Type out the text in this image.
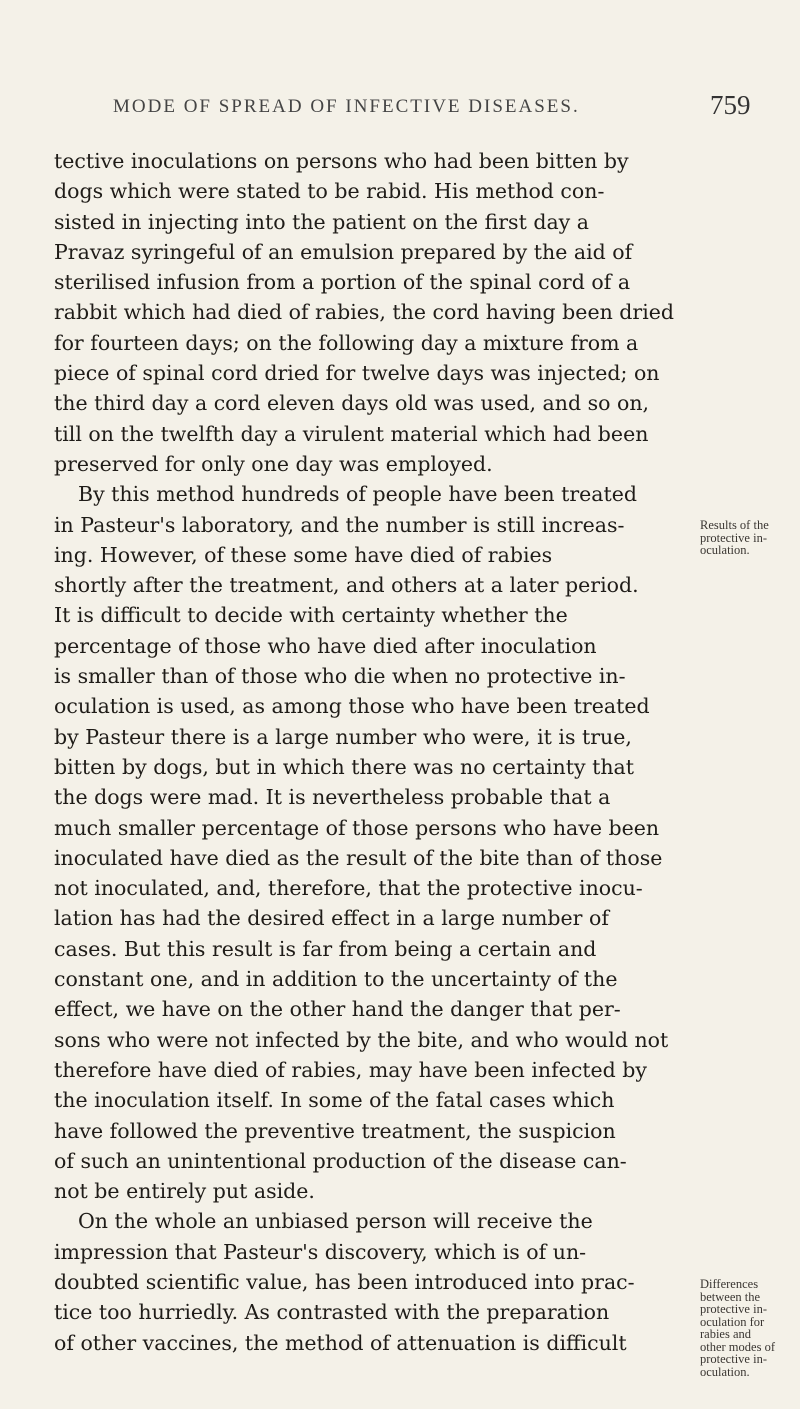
MODE OF SPREAD OF INFECTIVE DISEASES.	759
tective inoculations on persons who had been bitten by
dogs which were stated to be rabid. His method con-
sisted in injecting into the patient on the first day a
Pravaz syringeful of an emulsion prepared by the aid of
sterilised infusion from a portion of the spinal cord of a
rabbit which had died of rabies, the cord having been dried
for fourteen days; on the following day a mixture from a
piece of spinal cord dried for twelve days was injected; on
the third day a cord eleven days old was used, and so on,
till on the twelfth day a virulent material which had been
preserved for only one day was employed.
By this method hundreds of people have been treated
in Pasteur's laboratory, and the number is still increas-
ing. However, of these some have died of rabies
shortly after the treatment, and others at a later period.
It is difficult to decide with certainty whether the
percentage of those who have died after inoculation
is smaller than of those who die when no protective in-
oculation is used, as among those who have been treated
by Pasteur there is a large number who were, it is true,
bitten by dogs, but in which there was no certainty that
the dogs were mad. It is nevertheless probable that a
much smaller percentage of those persons who have been
inoculated have died as the result of the bite than of those
not inoculated, and, therefore, that the protective inocu-
lation has had the desired effect in a large number of
cases. But this result is far from being a certain and
constant one, and in addition to the uncertainty of the
effect, we have on the other hand the danger that per-
sons who were not infected by the bite, and who would not
therefore have died of rabies, may have been infected by
the inoculation itself. In some of the fatal cases which
have followed the preventive treatment, the suspicion
of such an unintentional production of the disease can-
not be entirely put aside.
On the whole an unbiased person will receive the
impression that Pasteur's discovery, which is of un-
doubted scientific value, has been introduced into prac-
tice too hurriedly. As contrasted with the preparation
of other vaccines, the method of attenuation is difficult
Results of the
protective in-
oculation.
Differences
between the
protective in-
oculation for
rabies and
other modes of
protective in-
oculation.
